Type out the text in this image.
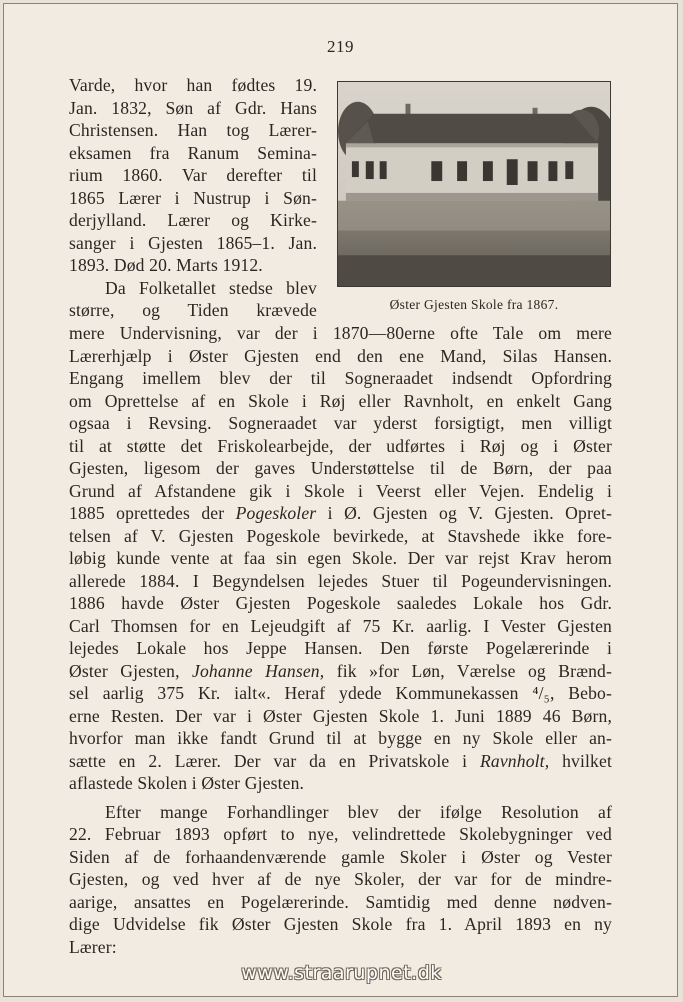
219
Varde, hvor han fødtes 19.
Jan. 1832, Søn af Gdr. Hans
Christensen. Han tog Lærer-
eksamen fra Ranum Semina-
rium 1860. Var derefter til
1865 Lærer i Nustrup i Søn-
derjylland. Lærer og Kirke-
sanger i Gjesten 1865–1. Jan.
1893. Død 20. Marts 1912.
Da Folketallet stedse blev
større, og Tiden krævede	Øster Gjesten Skole fra 1867.
mere Undervisning, var der i 1870—80erne ofte Tale om mere
Lærerhjælp i Øster Gjesten end den ene Mand, Silas Hansen.
Engang imellem blev der til Sogneraadet indsendt Opfordring
om Oprettelse af en Skole i Røj eller Ravnholt, en enkelt Gang
ogsaa i Revsing. Sogneraadet var yderst forsigtigt, men villigt
til at støtte det Friskolearbejde, der udførtes i Røj og i Øster
Gjesten, ligesom der gaves Understøttelse til de Børn, der paa
Grund af Afstandene gik i Skole i Veerst eller Vejen. Endelig i
1885 oprettedes der Pogeskoler i Ø. Gjesten og V. Gjesten. Opret-
telsen af V. Gjesten Pogeskole bevirkede, at Stavshede ikke fore-
løbig kunde vente at faa sin egen Skole. Der var rejst Krav herom
allerede 1884. I Begyndelsen lejedes Stuer til Pogeundervisningen.
1886 havde Øster Gjesten Pogeskole saaledes Lokale hos Gdr.
Carl Thomsen for en Lejeudgift af 75 Kr. aarlig. I Vester Gjesten
lejedes Lokale hos Jeppe Hansen. Den første Pogelærerinde i
Øster Gjesten, Johanne Hansen, fik »for Løn, Værelse og Brænd-
sel aarlig 375 Kr. ialt«. Heraf ydede Kommunekassen ⁴/₅, Bebo-
erne Resten. Der var i Øster Gjesten Skole 1. Juni 1889 46 Børn,
hvorfor man ikke fandt Grund til at bygge en ny Skole eller an-
sætte en 2. Lærer. Der var da en Privatskole i Ravnholt, hvilket
aflastede Skolen i Øster Gjesten.
Efter mange Forhandlinger blev der ifølge Resolution af
22. Februar 1893 opført to nye, velindrettede Skolebygninger ved
Siden af de forhaandenværende gamle Skoler i Øster og Vester
Gjesten, og ved hver af de nye Skoler, der var for de mindre-
aarige, ansattes en Pogelærerinde. Samtidig med denne nødven-
dige Udvidelse fik Øster Gjesten Skole fra 1. April 1893 en ny
Lærer:
www.straarupnet.dk
